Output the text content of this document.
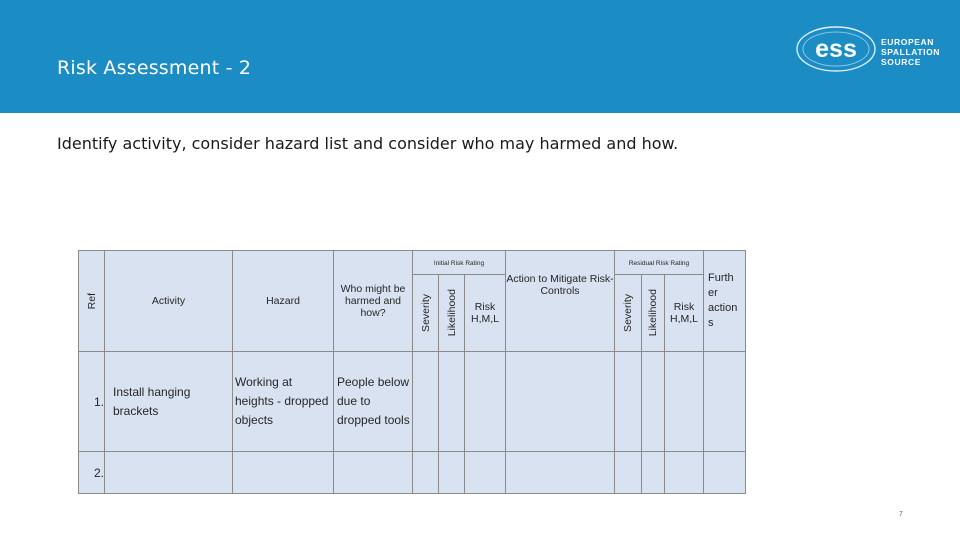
Risk Assessment - 2
ess	EUROPEAN
SPALLATION
SOURCE
Identify activity, consider hazard list and consider who may harmed and how.
Ref	Activity	Hazard	Who might be harmed and how?	Initial Risk Rating			Action to Mitigate Risk-Controls	Residual Risk Rating			Furth er action s

				Severity	Likelihood	Risk H,M,L		Severity	Likelihood	Risk H,M,L	
1.	Install hanging brackets	Working at heights - dropped objects	People below due to dropped tools								
2.											
7
